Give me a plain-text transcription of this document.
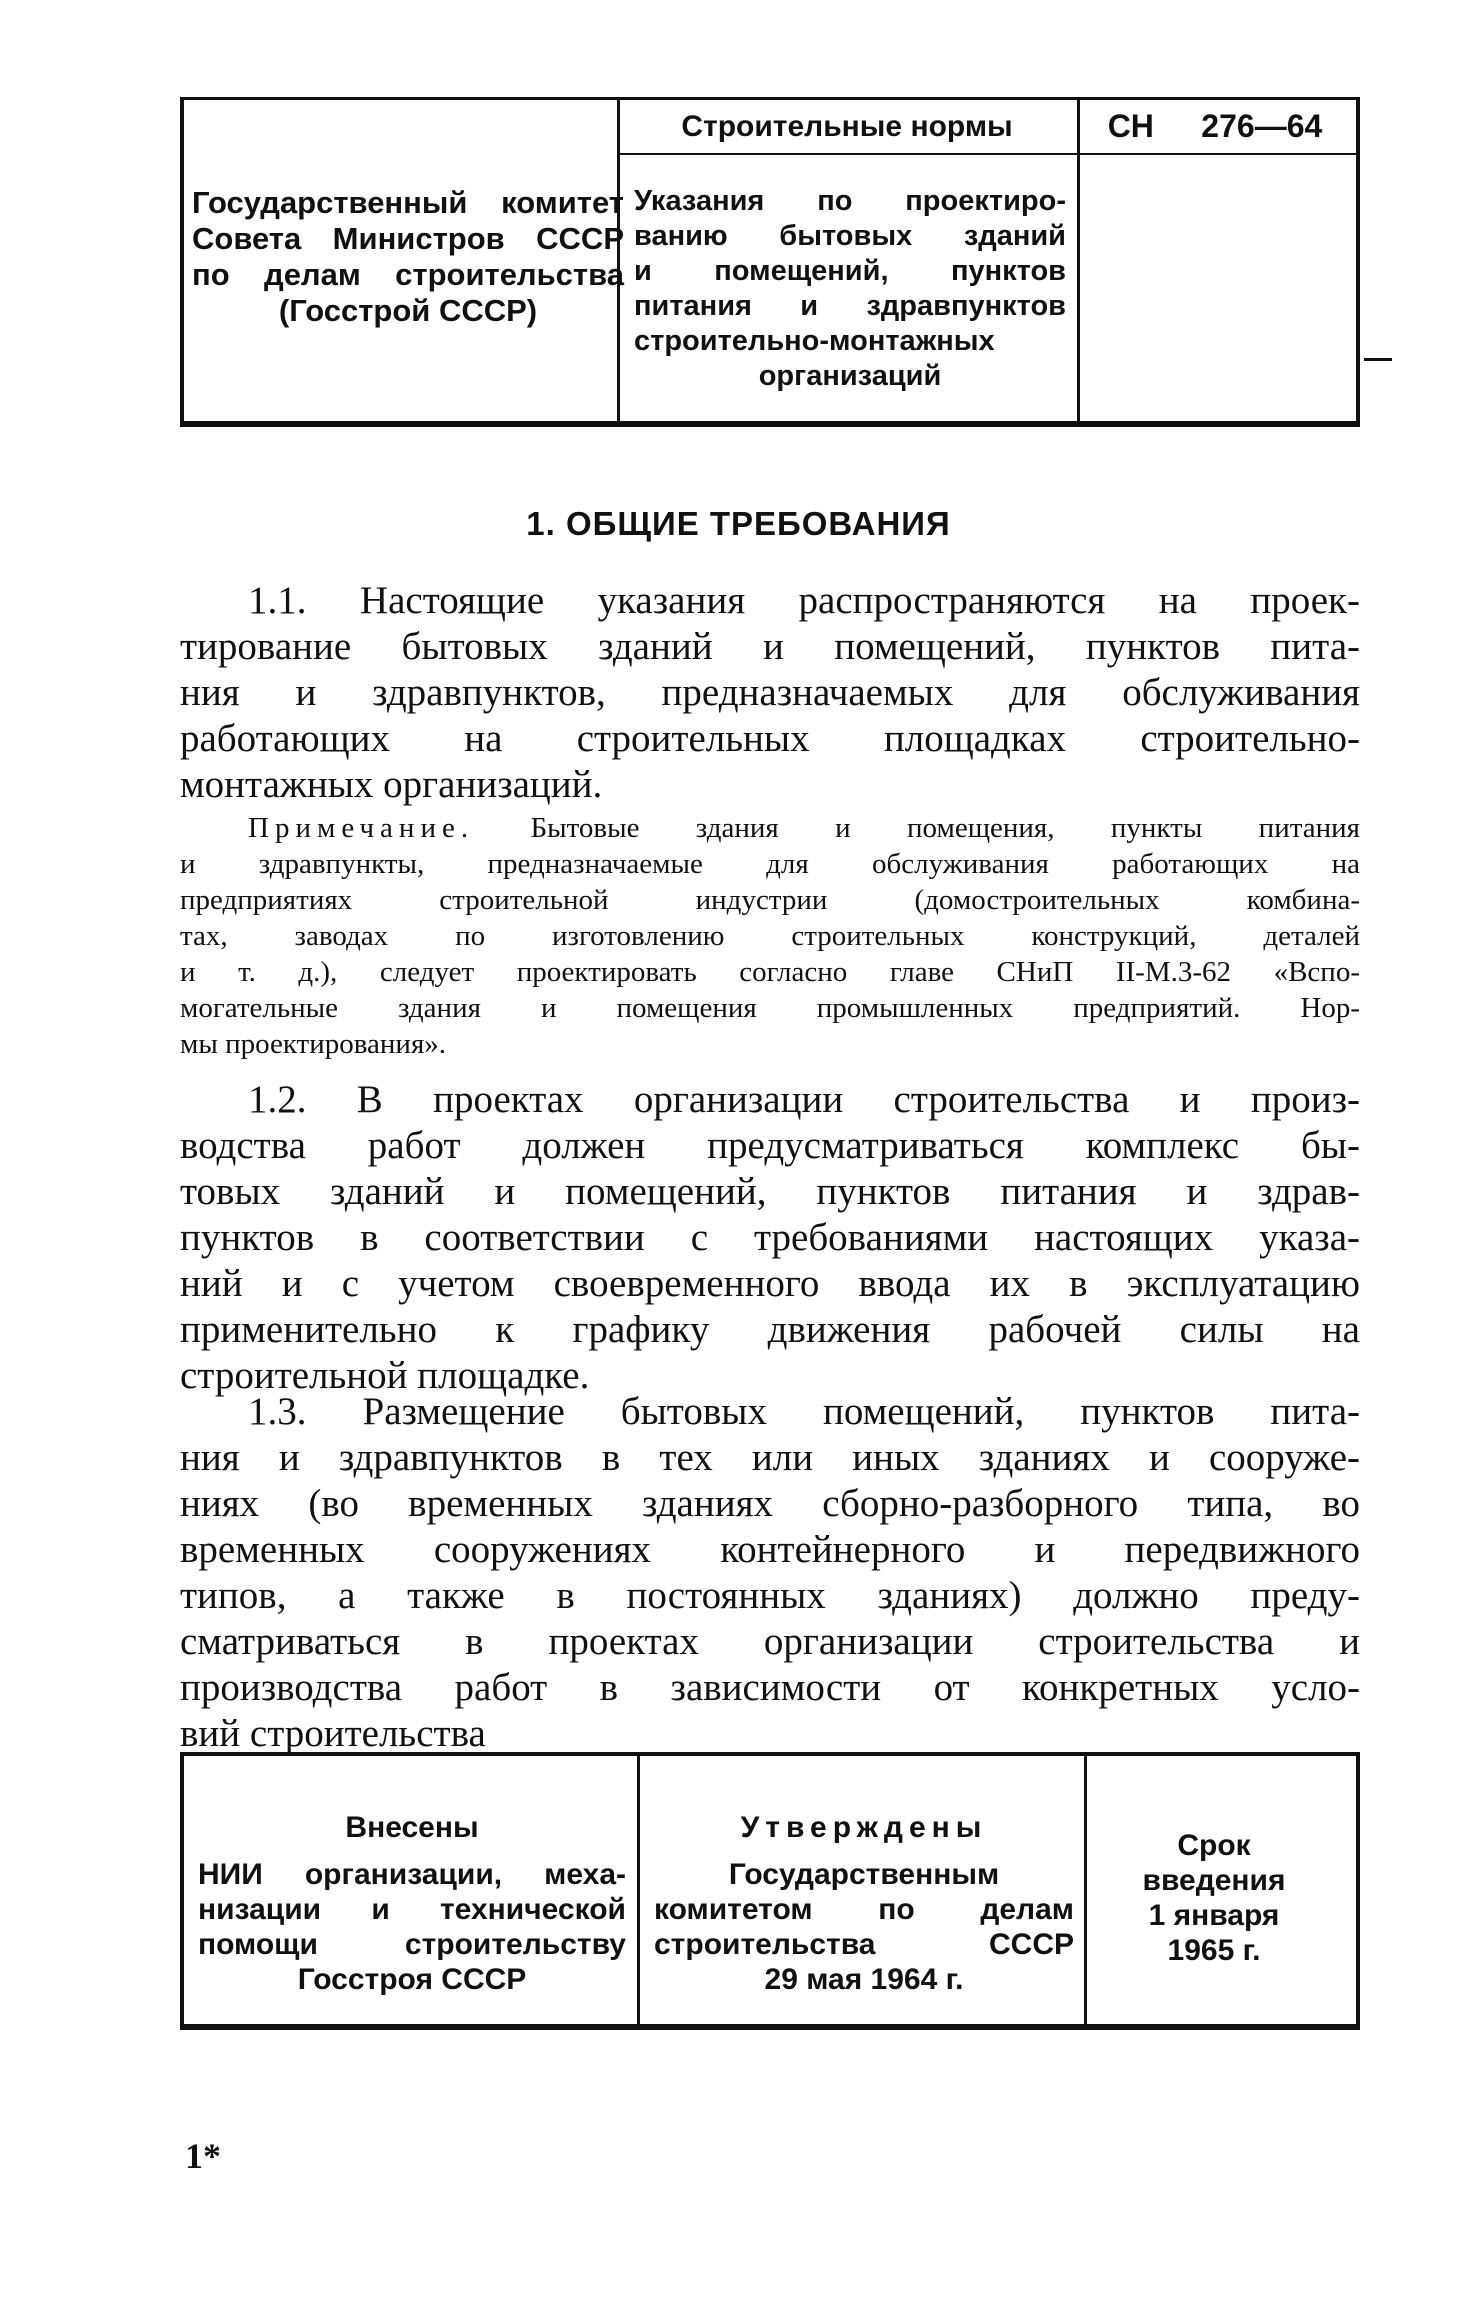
Государственный комитет
Совета Министров СССР
по делам строительства
(Госстрой СССР)
Строительные нормы	СН 276—64
Указания по проектиро-
ванию бытовых зданий
и помещений, пунктов
питания и здравпунктов
строительно-монтажных
организаций
1. ОБЩИЕ ТРЕБОВАНИЯ
1.1. Настоящие указания распространяются на проек-
тирование бытовых зданий и помещений, пунктов пита-
ния и здравпунктов, предназначаемых для обслуживания
работающих на строительных площадках строительно-
монтажных организаций.
Примечание. Бытовые здания и помещения, пункты питания
и здравпункты, предназначаемые для обслуживания работающих на
предприятиях строительной индустрии (домостроительных комбина-
тах, заводах по изготовлению строительных конструкций, деталей
и т. д.), следует проектировать согласно главе СНиП II-М.3-62 «Вспо-
могательные здания и помещения промышленных предприятий. Нор-
мы проектирования».
1.2. В проектах организации строительства и произ-
водства работ должен предусматриваться комплекс бы-
товых зданий и помещений, пунктов питания и здрав-
пунктов в соответствии с требованиями настоящих указа-
ний и с учетом своевременного ввода их в эксплуатацию
применительно к графику движения рабочей силы на
строительной площадке.
1.3. Размещение бытовых помещений, пунктов пита-
ния и здравпунктов в тех или иных зданиях и сооруже-
ниях (во временных зданиях сборно-разборного типа, во
временных сооружениях контейнерного и передвижного
типов, а также в постоянных зданиях) должно преду-
сматриваться в проектах организации строительства и
производства работ в зависимости от конкретных усло-
вий строительства
Внесены
НИИ организации, меха-
низации и технической
помощи строительству
Госстроя СССР
Утверждены
Государственным
комитетом по делам
строительства СССР
29 мая 1964 г.
Срок
введения
1 января
1965 г.
1*
